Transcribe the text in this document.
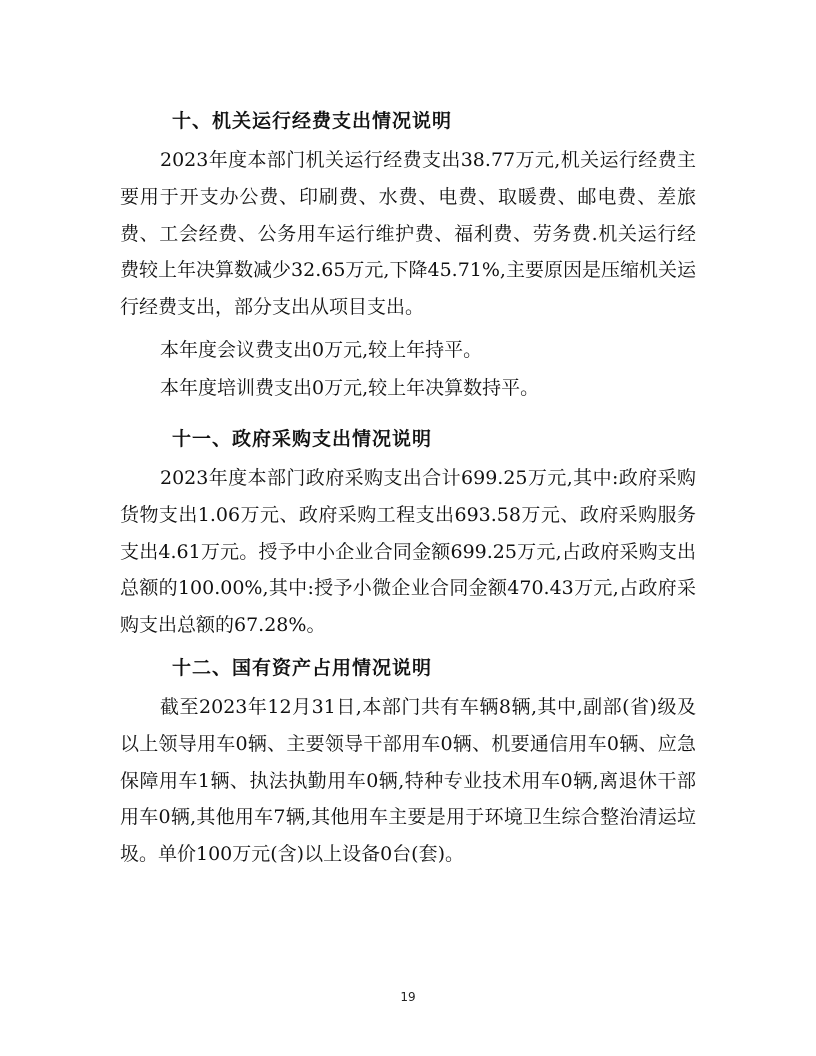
十、机关运行经费支出情况说明

2023年度本部门机关运行经费支出38.77万元,机关运行经费主要用于开支办公费、印刷费、水费、电费、取暖费、邮电费、差旅费、工会经费、公务用车运行维护费、福利费、劳务费.机关运行经费较上年决算数减少32.65万元,下降45.71%,主要原因是压缩机关运行经费支出，部分支出从项目支出。

本年度会议费支出0万元,较上年持平。

本年度培训费支出0万元,较上年决算数持平。

十一、政府采购支出情况说明

2023年度本部门政府采购支出合计699.25万元,其中:政府采购货物支出1.06万元、政府采购工程支出693.58万元、政府采购服务支出4.61万元。授予中小企业合同金额699.25万元,占政府采购支出总额的100.00%,其中:授予小微企业合同金额470.43万元,占政府采购支出总额的67.28%。

十二、国有资产占用情况说明

截至2023年12月31日,本部门共有车辆8辆,其中,副部(省)级及以上领导用车0辆、主要领导干部用车0辆、机要通信用车0辆、应急保障用车1辆、执法执勤用车0辆,特种专业技术用车0辆,离退休干部用车0辆,其他用车7辆,其他用车主要是用于环境卫生综合整治清运垃圾。单价100万元(含)以上设备0台(套)。

19
